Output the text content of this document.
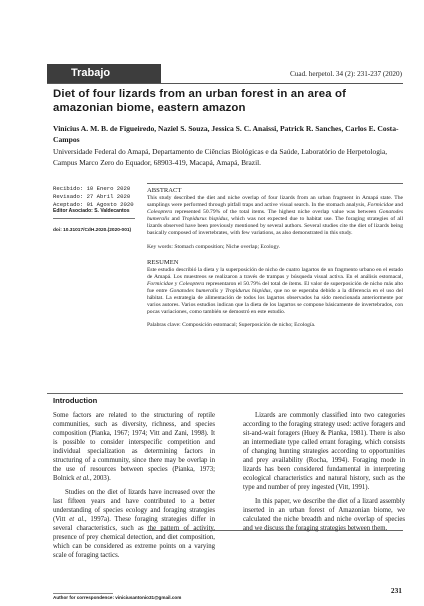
Trabajo	Cuad. herpetol. 34 (2): 231-237 (2020)
Diet of four lizards from an urban forest in an area of amazonian biome, eastern amazon
Vinícius A. M. B. de Figueiredo, Naziel S. Souza, Jessica S. C. Anaissi, Patrick R. Sanches, Carlos E. Costa-Campos
Universidade Federal do Amapá, Departamento de Ciências Biológicas e da Saúde, Laboratório de Herpetologia, Campus Marco Zero do Equador, 68903-419, Macapá, Amapá, Brazil.
Recibido: 10 Enero 2020
Revisado: 27 Abril 2020
Aceptado: 01 Agosto 2020
Editor Asociado: S. Valdecantos
doi: 10.31017/CdH.2020.(2020-001)
ABSTRACT

This study described the diet and niche overlap of four lizards from an urban fragment in Amapá state. The samplings were performed through pitfall traps and active visual search. In the stomach analysis, Formicidae and Coleoptera represented 50.79% of the total items. The highest niche overlap value was between Gonatodes humeralis and Tropidurus hispidus, which was not expected due to habitat use. The foraging strategies of all lizards observed have been previously mentioned by several authors. Several studies cite the diet of lizards being basically composed of invertebrates, with few variations, as also demonstrated in this study.

Key words: Stomach composition; Niche overlap; Ecology.

RESUMEN

Este estudio describió la dieta y la superposición de nicho de cuatro lagartos de un fragmento urbano en el estado de Amapá. Los muestreos se realizaron a través de trampas y búsqueda visual activa. En el análisis estomacal, Formicidae y Coleoptera representaron el 50.79% del total de ítems. El valor de superposición de nicho más alto fue entre Gonatodes humeralis y Tropidurus hispidus, que no se esperaba debido a la diferencia en el uso del hábitat. La estrategia de alimentación de todos los lagartos observados ha sido mencionada anteriormente por varios autores. Varios estudios indican que la dieta de los lagartos se compone básicamente de invertebrados, con pocas variaciones, como también se demostró en este estudio.

Palabras clave: Composición estomacal; Superposición de nicho; Ecología.

Introduction

Some factors are related to the structuring of reptile communities, such as diversity, richness, and species composition (Pianka, 1967; 1974; Vitt and Zani, 1998). It is possible to consider interspecific competition and individual specialization as determining factors in structuring of a community, since there may be overlap in the use of resources between species (Pianka, 1973; Bolnick et al., 2003).

Studies on the diet of lizards have increased over the last fifteen years and have contributed to a better understanding of species ecology and foraging strategies (Vitt et al., 1997a). These foraging strategies differ in several characteristics, such as the pattern of activity, presence of prey chemical detection, and diet composition, which can be considered as extreme points on a varying scale of foraging tactics.

Lizards are commonly classified into two categories according to the foraging strategy used: active foragers and sit-and-wait foragers (Huey & Pianka, 1981). There is also an intermediate type called errant foraging, which consists of changing hunting strategies according to opportunities and prey availability (Rocha, 1994). Foraging mode in lizards has been considered fundamental in interpreting ecological characteristics and natural history, such as the type and number of prey ingested (Vitt, 1991).

In this paper, we describe the diet of a lizard assembly inserted in an urban forest of Amazonian biome, we calculated the niche breadth and niche overlap of species and we discuss the foraging strategies between them.

Author for correspondence: viniciusantonio31@gmail.com
231
